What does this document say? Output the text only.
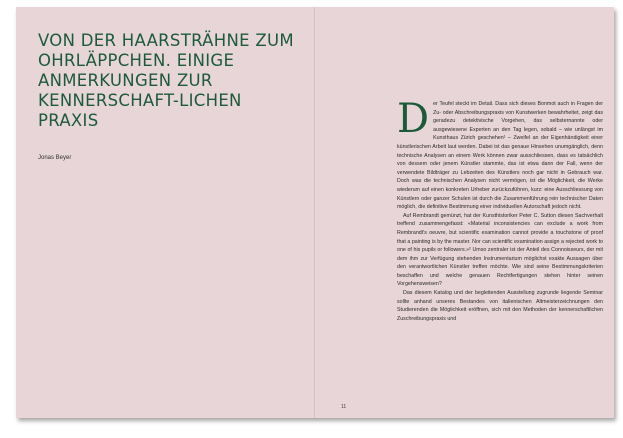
VON DER HAARSTRÄHNE ZUM OHRLÄPPCHEN. EINIGE ANMERKUNGEN ZUR KENNERSCHAFT-LICHEN PRAXIS

Jonas Beyer

D er Teufel steckt im Detail. Dass sich dieses Bonmot auch in Fragen der Zu- oder Abschreibungspraxis von Kunstwerken bewahrheitet, zeigt das geradezu detektivische Vorgehen, das selbsternannte oder ausgewiesene Experten an den Tag legen, sobald – wie unlängst im Kunsthaus Zürich geschehen¹ – Zweifel an der Eigenhändigkeit einer künstlerischen Arbeit laut werden. Dabei ist das genaue Hinsehen unumgänglich, denn technische Analysen an einem Werk können zwar ausschliessen, dass es tatsächlich von dessem oder jenem Künstler stammte, das ist etwa dann der Fall, wenn der verwendete Bildträger zu Lebzeiten des Künstlers noch gar nicht in Gebrauch war. Doch was die technischen Analysen nicht vermögen, ist die Möglichkeit, die Werke wiederum auf einen konkreten Urheber zurückzuführen, kurz: eine Ausschliessung von Künstlern oder ganzer Schulen ist durch die Zusammenführung rein technischer Daten möglich, die definitive Bestimmung einer individuellen Autorschaft jedoch nicht.

Auf Rembrandt gemünzt, hat der Kunsthistoriker Peter C. Sutton diesen Sachverhalt treffend zusammengefasst: «Material inconsistencies can exclude a work from Rembrandt's oeuvre, but scientific examination cannot provide a touchstone of proof that a painting is by the master. Nor can scientific examination assign a rejected work to one of his pupils or followers.»² Umso zentraler ist der Anteil des Connoisseurs, der mit dem ihm zur Verfügung stehenden Instrumentarium möglichst exakte Aussagen über den verantwortlichen Künstler treffen möchte. Wie sind seine Bestimmungskriterien beschaffen und welche genauen Rechtfertigungen stehen hinter seinen Vorgehensweisen?

Das diesem Katalog und der begleitenden Ausstellung zugrunde liegende Seminar sollte anhand unseres Bestandes von italienischen Altmeisterzeichnungen den Studierenden die Möglichkeit eröffnen, sich mit den Methoden der kennerschaftlichen Zuschreibungspraxis und

11
